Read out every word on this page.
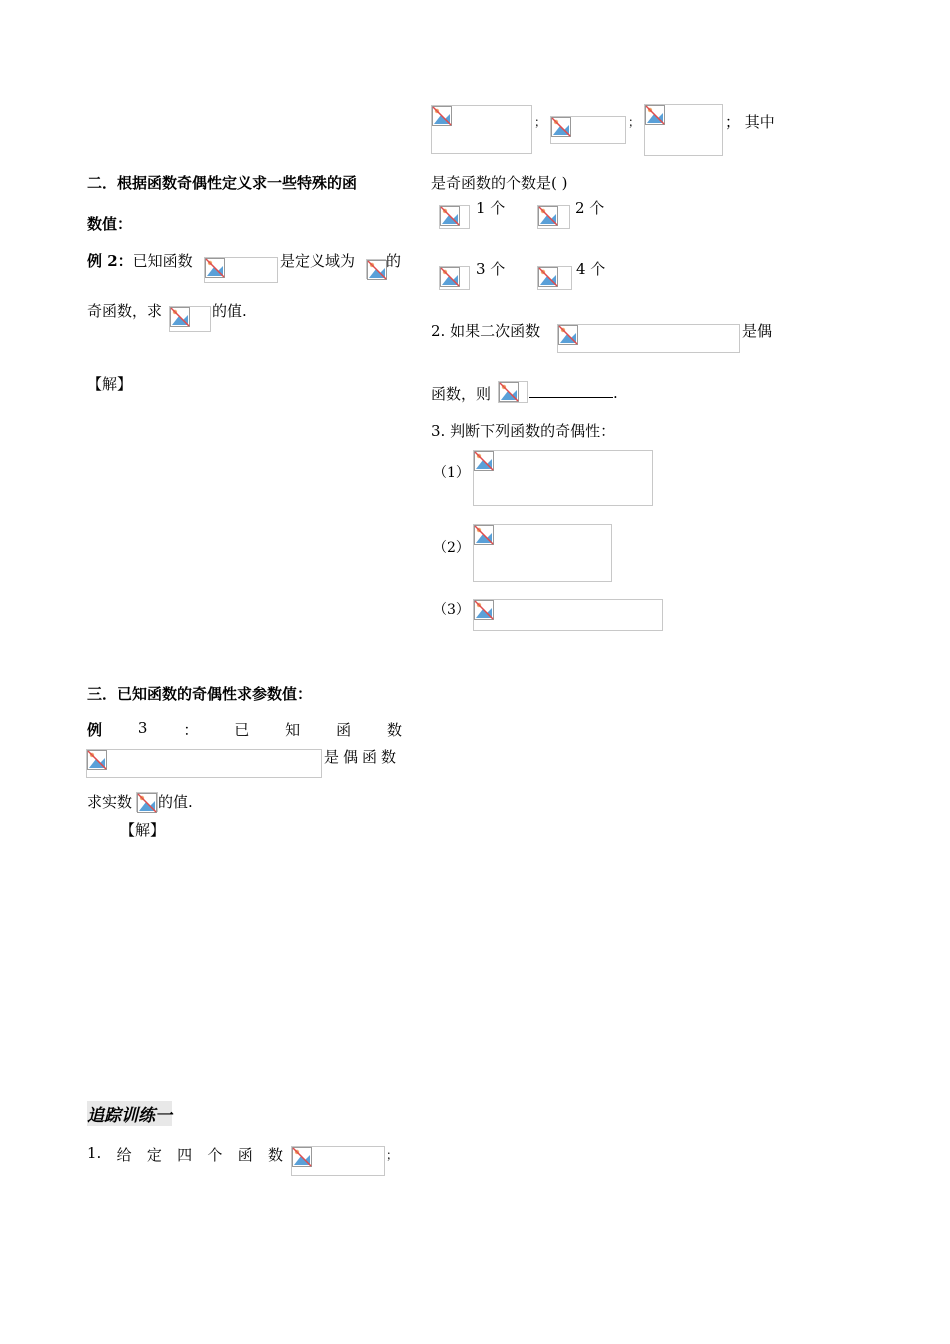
二．根据函数奇偶性定义求一些特殊的函
数值：
例 2：已知函数	是定义域为 的
奇函数，求	的值.
【解】
三．已知函数的奇偶性求参数值：
例 3 ： 已 知 函 数
是偶函数
求实数 的值.
【解】
追踪训练一
1. 给 定 四 个 函 数	；
；	；	； 其中
是奇函数的个数是( )
1 个	2 个
3 个	4 个
2. 如果二次函数	是偶
函数，则	.
3. 判断下列函数的奇偶性：
（1）
（2）
（3）
